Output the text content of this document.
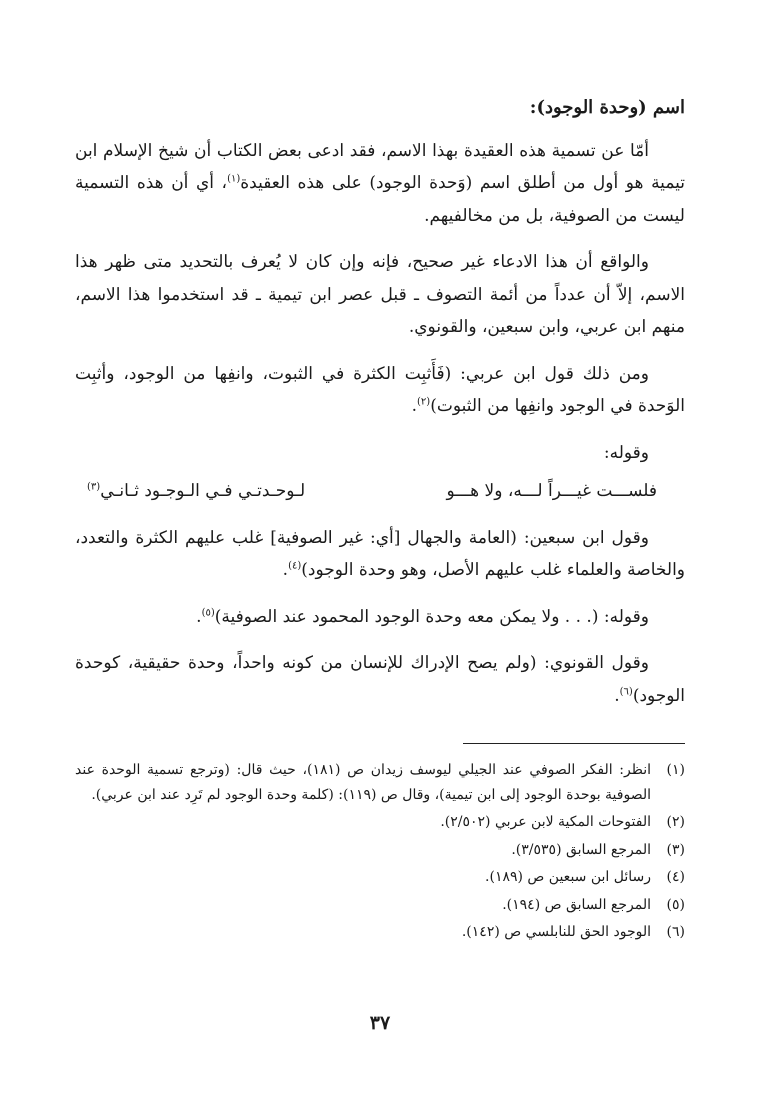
اسم (وحدة الوجود):

أمّا عن تسمية هذه العقيدة بهذا الاسم، فقد ادعى بعض الكتاب أن شيخ الإسلام ابن تيمية هو أول من أطلق اسم (وَحدة الوجود) على هذه العقيدة$^{(١)}$، أي أن هذه التسمية ليست من الصوفية، بل من مخالفيهم.

والواقع أن هذا الادعاء غير صحيح، فإنه وإن كان لا يُعرف بالتحديد متى ظهر هذا الاسم، إلاّ أن عدداً من أئمة التصوف ـ قبل عصر ابن تيمية ـ قد استخدموا هذا الاسم، منهم ابن عربي، وابن سبعين، والقونوي.

ومن ذلك قول ابن عربي: (فَأَثبِت الكثرة في الثبوت، وانفِها من الوجود، وأثبِت الوَحدة في الوجود وانفِها من الثبوت)$^{(٢)}$.

وقوله:

فلســـت غيـــراً لـــه، ولا هـــو
لـوحـدتـي فـي الـوجـود ثـانـي$^{(٣)}$

وقول ابن سبعين: (العامة والجهال [أي: غير الصوفية] غلب عليهم الكثرة والتعدد، والخاصة والعلماء غلب عليهم الأصل، وهو وحدة الوجود)$^{(٤)}$.

وقوله: (. . . ولا يمكن معه وحدة الوجود المحمود عند الصوفية)$^{(٥)}$.

وقول القونوي: (ولم يصح الإدراك للإنسان من كونه واحداً، وحدة حقيقية، كوحدة الوجود)$^{(٦)}$.

(١)
انظر: الفكر الصوفي عند الجيلي ليوسف زيدان ص (١٨١)، حيث قال: (وترجع تسمية الوحدة عند الصوفية بوحدة الوجود إلى ابن تيمية)، وقال ص (١١٩): (كلمة وحدة الوجود لم تَرِد عند ابن عربي).
(٢)
الفتوحات المكية لابن عربي (٢/٥٠٢).
(٣)
المرجع السابق (٣/٥٣٥).
(٤)
رسائل ابن سبعين ص (١٨٩).
(٥)
المرجع السابق ص (١٩٤).
(٦)
الوجود الحق للنابلسي ص (١٤٢).
٣٧
